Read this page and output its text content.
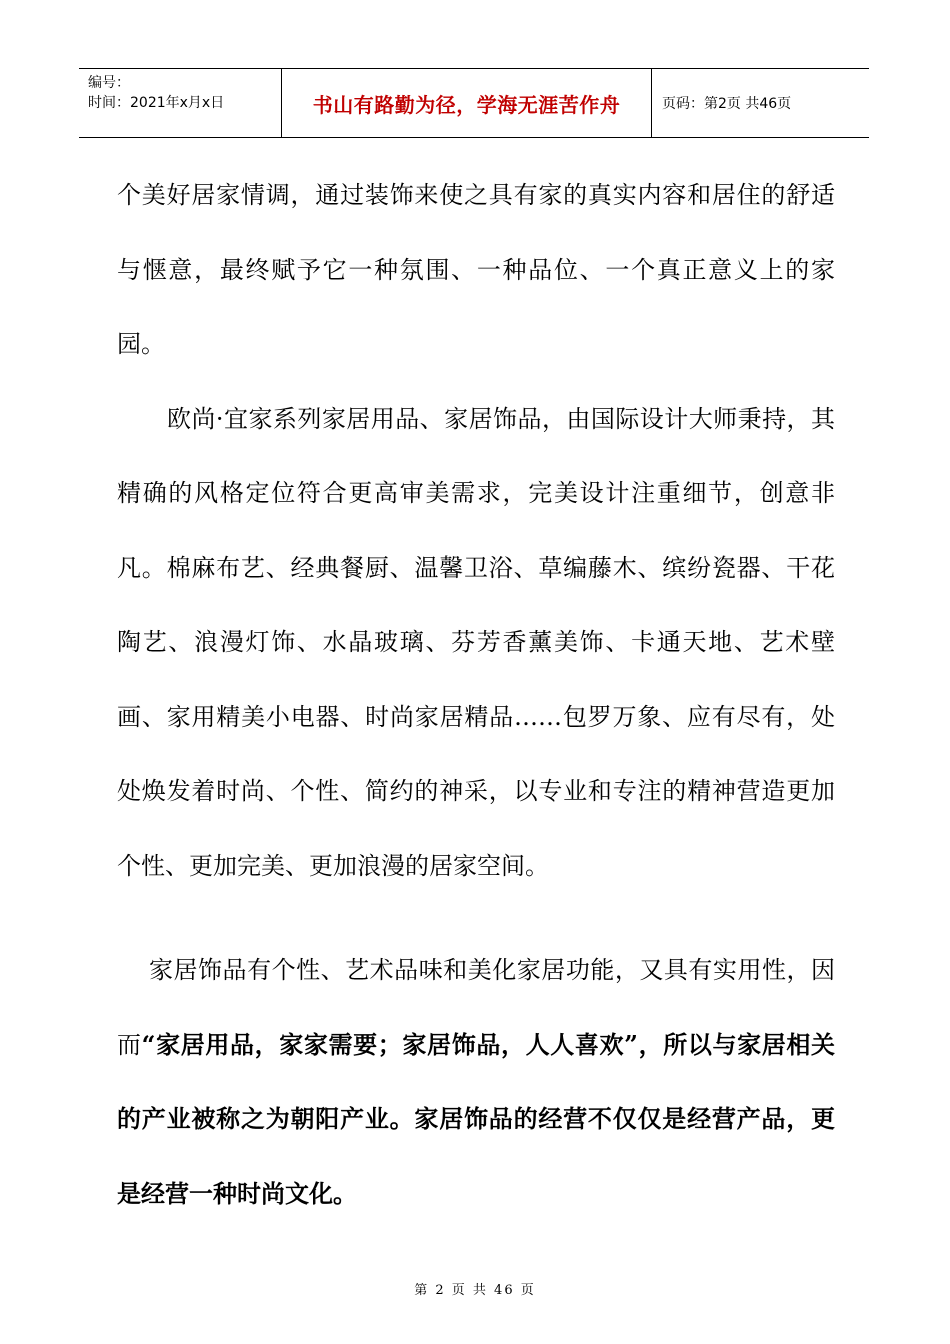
编号：
时间：2021年x月x日	书山有路勤为径，学海无涯苦作舟	页码：第2页 共46页

个美好居家情调，通过装饰来使之具有家的真实内容和居住的舒适与惬意，最终赋予它一种氛围、一种品位、一个真正意义上的家园。

欧尚·宜家系列家居用品、家居饰品，由国际设计大师秉持，其精确的风格定位符合更高审美需求，完美设计注重细节，创意非凡。棉麻布艺、经典餐厨、温馨卫浴、草编藤木、缤纷瓷器、干花陶艺、浪漫灯饰、水晶玻璃、芬芳香薰美饰、卡通天地、艺术壁画、家用精美小电器、时尚家居精品……包罗万象、应有尽有，处处焕发着时尚、个性、简约的神采，以专业和专注的精神营造更加个性、更加完美、更加浪漫的居家空间。

家居饰品有个性、艺术品味和美化家居功能，又具有实用性，因而“家居用品，家家需要；家居饰品，人人喜欢”，所以与家居相关的产业被称之为朝阳产业。家居饰品的经营不仅仅是经营产品，更是经营一种时尚文化。

第 2 页 共 46 页
